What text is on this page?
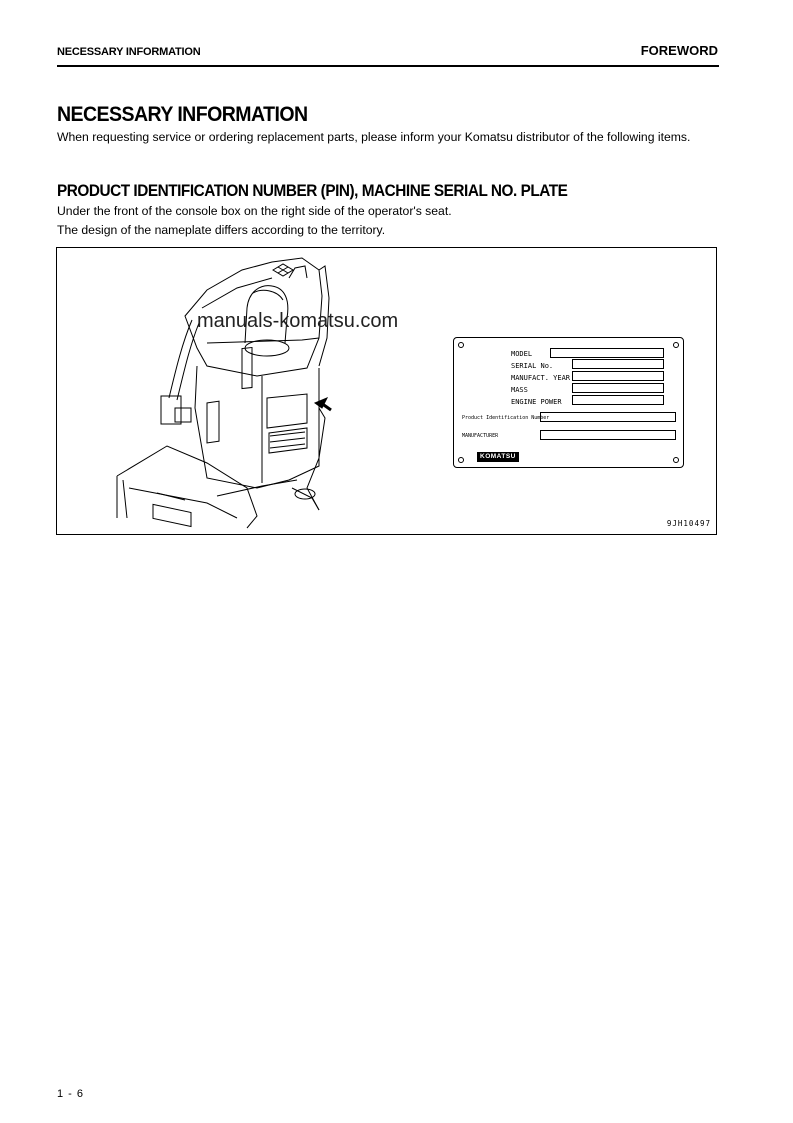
NECESSARY INFORMATION	FOREWORD
NECESSARY INFORMATION
When requesting service or ordering replacement parts, please inform your Komatsu distributor of the following items.
PRODUCT IDENTIFICATION NUMBER (PIN), MACHINE SERIAL NO. PLATE
Under the front of the console box on the right side of the operator's seat.
The design of the nameplate differs according to the territory.
manuals-komatsu.com
MODEL
SERIAL No.
MANUFACT. YEAR
MASS
ENGINE POWER
Product Identification Number
MANUFACTURER
KOMATSU
9JH10497
1 - 6
